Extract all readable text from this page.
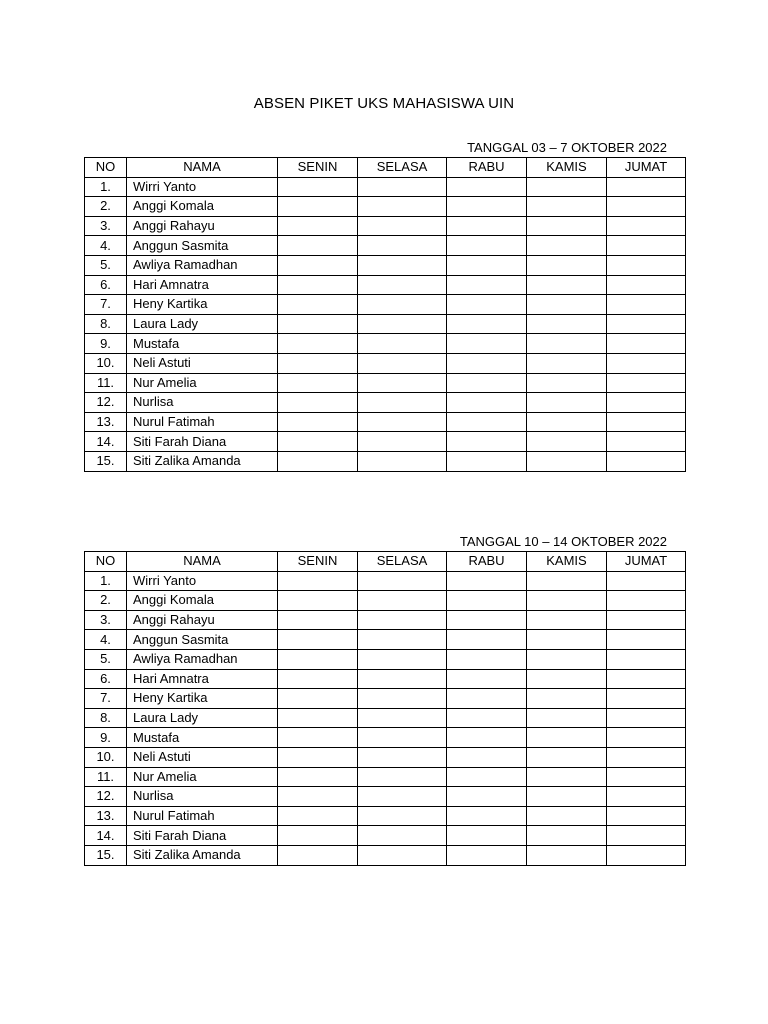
ABSEN PIKET UKS MAHASISWA UIN
TANGGAL 03 – 7 OKTOBER 2022
NO	NAMA	SENIN	SELASA	RABU	KAMIS	JUMAT
1.	Wirri Yanto					
2.	Anggi Komala					
3.	Anggi Rahayu					
4.	Anggun Sasmita					
5.	Awliya Ramadhan					
6.	Hari Amnatra					
7.	Heny Kartika					
8.	Laura Lady					
9.	Mustafa					
10.	Neli Astuti					
11.	Nur Amelia					
12.	Nurlisa					
13.	Nurul Fatimah					
14.	Siti Farah Diana					
15.	Siti Zalika Amanda					
TANGGAL 10 – 14 OKTOBER 2022
NO	NAMA	SENIN	SELASA	RABU	KAMIS	JUMAT
1.	Wirri Yanto					
2.	Anggi Komala					
3.	Anggi Rahayu					
4.	Anggun Sasmita					
5.	Awliya Ramadhan					
6.	Hari Amnatra					
7.	Heny Kartika					
8.	Laura Lady					
9.	Mustafa					
10.	Neli Astuti					
11.	Nur Amelia					
12.	Nurlisa					
13.	Nurul Fatimah					
14.	Siti Farah Diana					
15.	Siti Zalika Amanda					
